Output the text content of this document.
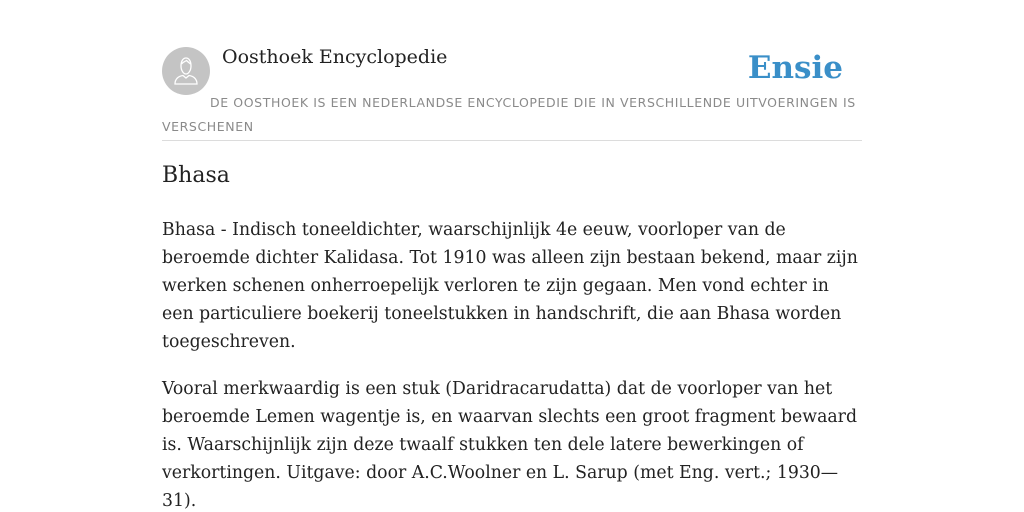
Oosthoek Encyclopedie	Ensie
DE OOSTHOEK IS EEN NEDERLANDSE ENCYCLOPEDIE DIE IN VERSCHILLENDE UITVOERINGEN IS VERSCHENEN
Bhasa

Bhasa - Indisch toneeldichter, waarschijnlijk 4e eeuw, voorloper van de beroemde dichter Kalidasa. Tot 1910 was alleen zijn bestaan bekend, maar zijn werken schenen onherroepelijk verloren te zijn gegaan. Men vond echter in een particuliere boekerij toneelstukken in handschrift, die aan Bhasa worden toegeschreven.

Vooral merkwaardig is een stuk (Daridracarudatta) dat de voorloper van het beroemde Lemen wagentje is, en waarvan slechts een groot fragment bewaard is. Waarschijnlijk zijn deze twaalf stukken ten dele latere bewerkingen of verkortingen. Uitgave: door A.C.Woolner en L. Sarup (met Eng. vert.; 1930—31).
